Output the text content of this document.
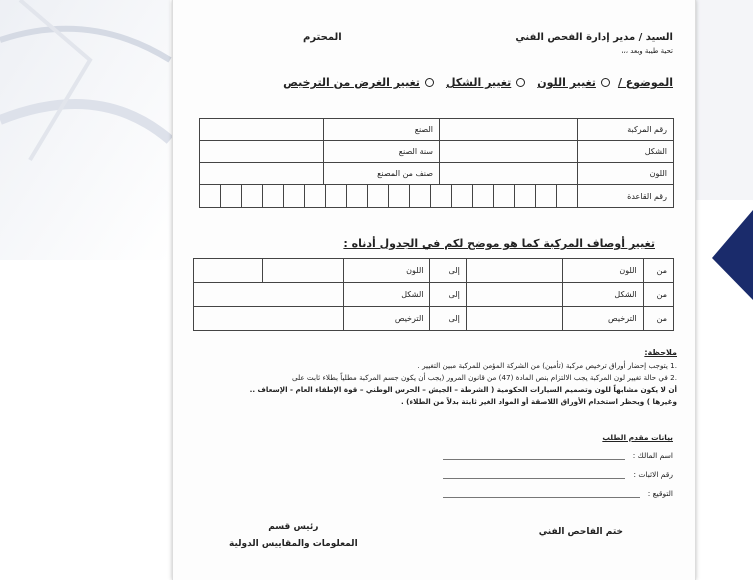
السيد / مدير إدارة الفحص الفني
المحترم
تحية طيبة وبعد ،،،
الموضوع /
تغيير اللون
تغيير الشكل
تغيير الغرض من الترخيص
رقم المركبة		الصنع	
الشكل		سنة الصنع	
اللون		صنف من المصنع	
رقم القاعدة			
تغيير أوصاف المركبة كما هو موضح لكم في الجدول أدناه :
من	اللون		إلى	اللون		
من	الشكل		إلى	الشكل		
من	الترخيص		إلى	الترخيص		
ملاحظة:

.1 يتوجب إحضار أوراق ترخيص مركبة (تأمين) من الشركة المؤمن للمركبة مبين التغيير .

.2 في حالة تغيير لون المركبة يجب الالتزام بنص المادة (47) من قانون المرور (يجب أن يكون جسم المركبة مطلياً بطلاء ثابت على

أن لا يكون مشابهاً للون وتصميم السيارات الحكومية ( الشرطة – الجيش – الحرس الوطني – قوة الإطفاء العام - الإسعاف ..

وغيرها ) ويحظر استخدام الأوراق اللاصقة أو المواد الغير ثابتة بدلاً من الطلاء) .

بيانات مقدم الطلب
اسم المالك :
رقم الاثبات :
التوقيع :
ختم الفاحص الفني
رئيس قسم
المعلومات والمقاييس الدولية
